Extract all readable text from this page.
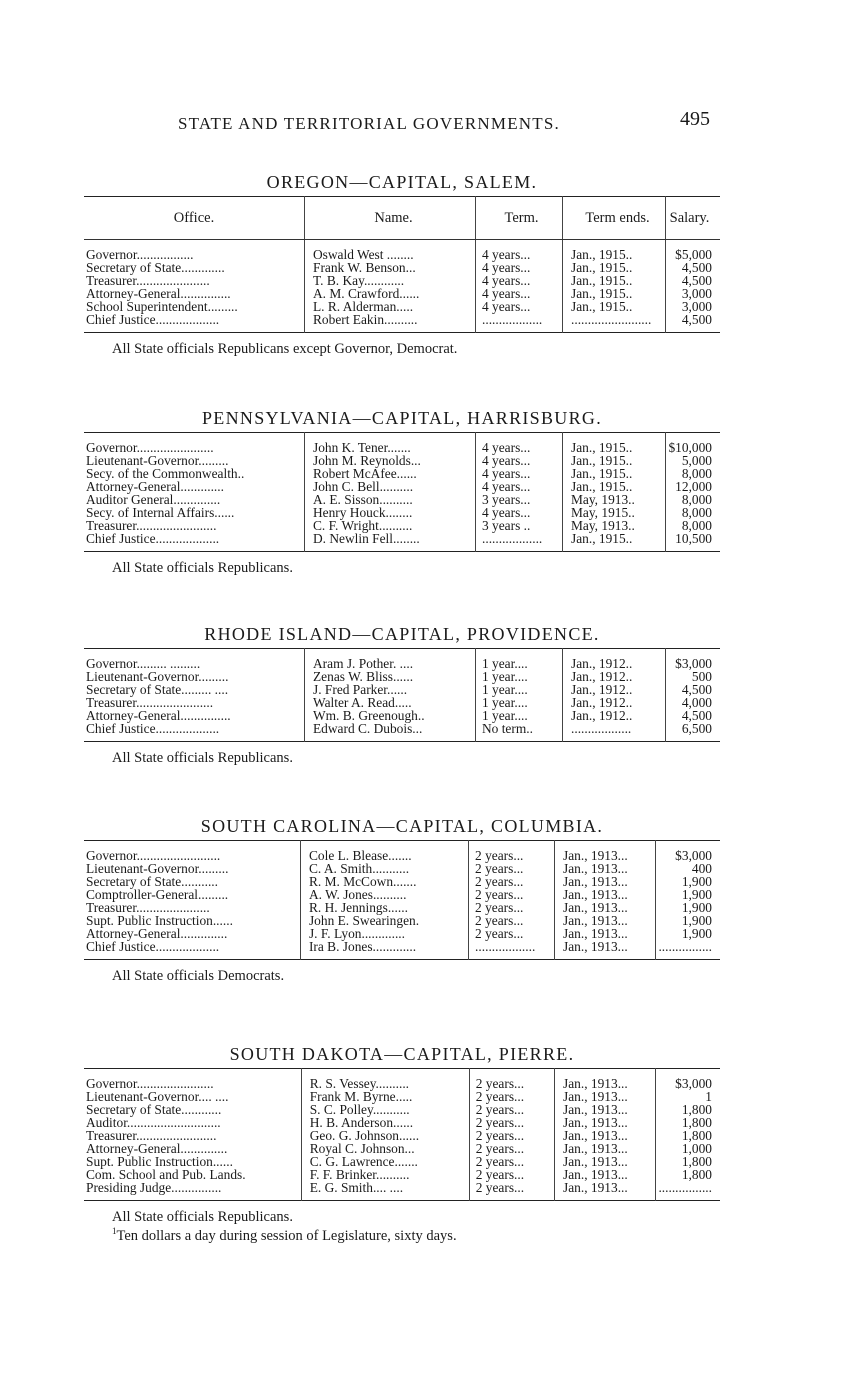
STATE AND TERRITORIAL GOVERNMENTS.	495
OREGON—CAPITAL, SALEM.
Office.	Name.	Term.	Term ends.	Salary.
Governor.................	Oswald West ........	4 years...	Jan., 1915..	$5,000
Secretary of State.............	Frank W. Benson...	4 years...	Jan., 1915..	4,500
Treasurer......................	T. B. Kay............	4 years...	Jan., 1915..	4,500
Attorney-General...............	A. M. Crawford......	4 years...	Jan., 1915..	3,000
School Superintendent.........	L. R. Alderman.....	4 years...	Jan., 1915..	3,000
Chief Justice...................	Robert Eakin..........	..................	........................	4,500
All State officials Republicans except Governor, Democrat.
PENNSYLVANIA—CAPITAL, HARRISBURG.
Governor.......................	John K. Tener.......	4 years...	Jan., 1915..	$10,000
Lieutenant-Governor.........	John M. Reynolds...	4 years...	Jan., 1915..	5,000
Secy. of the Commonwealth..	Robert McAfee......	4 years...	Jan., 1915..	8,000
Attorney-General.............	John C. Bell..........	4 years...	Jan., 1915..	12,000
Auditor General..............	A. E. Sisson..........	3 years...	May, 1913..	8,000
Secy. of Internal Affairs......	Henry Houck........	4 years...	May, 1915..	8,000
Treasurer........................	C. F. Wright..........	3 years ..	May, 1913..	8,000
Chief Justice...................	D. Newlin Fell........	..................	Jan., 1915..	10,500
All State officials Republicans.
RHODE ISLAND—CAPITAL, PROVIDENCE.
Governor......... .........	Aram J. Pother. ....	1 year....	Jan., 1912..	$3,000
Lieutenant-Governor.........	Zenas W. Bliss......	1 year....	Jan., 1912..	500
Secretary of State......... ....	J. Fred Parker......	1 year....	Jan., 1912..	4,500
Treasurer.......................	Walter A. Read.....	1 year....	Jan., 1912..	4,000
Attorney-General...............	Wm. B. Greenough..	1 year....	Jan., 1912..	4,500
Chief Justice...................	Edward C. Dubois...	No term..	..................	6,500
All State officials Republicans.
SOUTH CAROLINA—CAPITAL, COLUMBIA.
Governor.........................	Cole L. Blease.......	2 years...	Jan., 1913...	$3,000
Lieutenant-Governor.........	C. A. Smith...........	2 years...	Jan., 1913...	400
Secretary of State...........	R. M. McCown.......	2 years...	Jan., 1913...	1,900
Comptroller-General.........	A. W. Jones..........	2 years...	Jan., 1913...	1,900
Treasurer......................	R. H. Jennings......	2 years...	Jan., 1913...	1,900
Supt. Public Instruction......	John E. Swearingen.	2 years...	Jan., 1913...	1,900
Attorney-General..............	J. F. Lyon.............	2 years...	Jan., 1913...	1,900
Chief Justice...................	Ira B. Jones.............	..................	Jan., 1913...	................
All State officials Democrats.
SOUTH DAKOTA—CAPITAL, PIERRE.
Governor.......................	R. S. Vessey..........	2 years...	Jan., 1913...	$3,000
Lieutenant-Governor.... ....	Frank M. Byrne.....	2 years...	Jan., 1913...	1
Secretary of State............	S. C. Polley...........	2 years...	Jan., 1913...	1,800
Auditor............................	H. B. Anderson......	2 years...	Jan., 1913...	1,800
Treasurer........................	Geo. G. Johnson......	2 years...	Jan., 1913...	1,800
Attorney-General..............	Royal C. Johnson...	2 years...	Jan., 1913...	1,000
Supt. Public Instruction......	C. G. Lawrence.......	2 years...	Jan., 1913...	1,800
Com. School and Pub. Lands.	F. F. Brinker..........	2 years...	Jan., 1913...	1,800
Presiding Judge...............	E. G. Smith.... ....	2 years...	Jan., 1913...	................
All State officials Republicans.
$^1$Ten dollars a day during session of Legislature, sixty days.
